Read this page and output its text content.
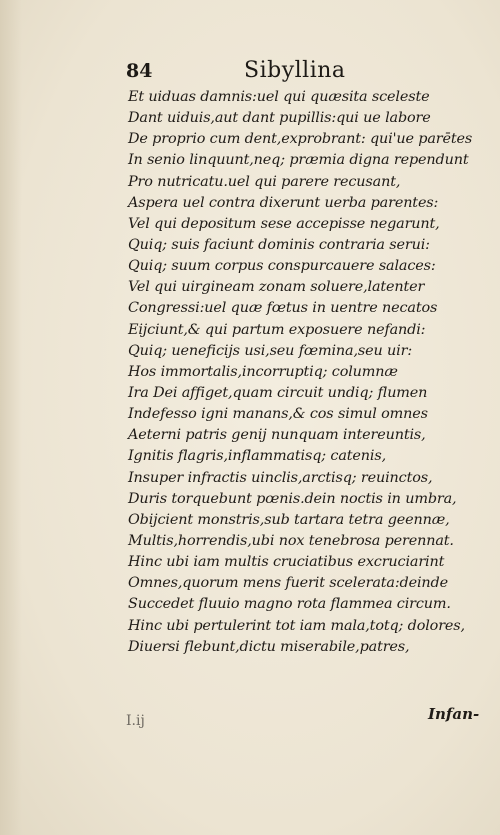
84	Sibyllina
Et uiduas damnis:uel qui quæsita sceleste
Dant uiduis,aut dant pupillis:qui ue labore
De proprio cum dent,exprobrant: qui'ue parētes
In senio linquunt,neq; præmia digna rependunt
Pro nutricatu.uel qui parere recusant,
Aspera uel contra dixerunt uerba parentes:
Vel qui depositum sese accepisse negarunt,
Quiq; suis faciunt dominis contraria serui:
Quiq; suum corpus conspurcauere salaces:
Vel qui uirgineam zonam soluere,latenter
Congressi:uel quæ fœtus in uentre necatos
Eijciunt,& qui partum exposuere nefandi:
Quiq; ueneficijs usi,seu fœmina,seu uir:
Hos immortalis,incorruptiq; columnæ
Ira Dei affiget,quam circuit undiq; flumen
Indefesso igni manans,& cos simul omnes
Aeterni patris genij nunquam intereuntis,
Ignitis flagris,inflammatisq; catenis,
Insuper infractis uinclis,arctisq; reuinctos,
Duris torquebunt pœnis.dein noctis in umbra,
Obijcient monstris,sub tartara tetra geennæ,
Multis,horrendis,ubi nox tenebrosa perennat.
Hinc ubi iam multis cruciatibus excruciarint
Omnes,quorum mens fuerit scelerata:deinde
Succedet fluuio magno rota flammea circum.
Hinc ubi pertulerint tot iam mala,totq; dolores,
Diuersi flebunt,dictu miserabile,patres,
I.ij	Infan-
